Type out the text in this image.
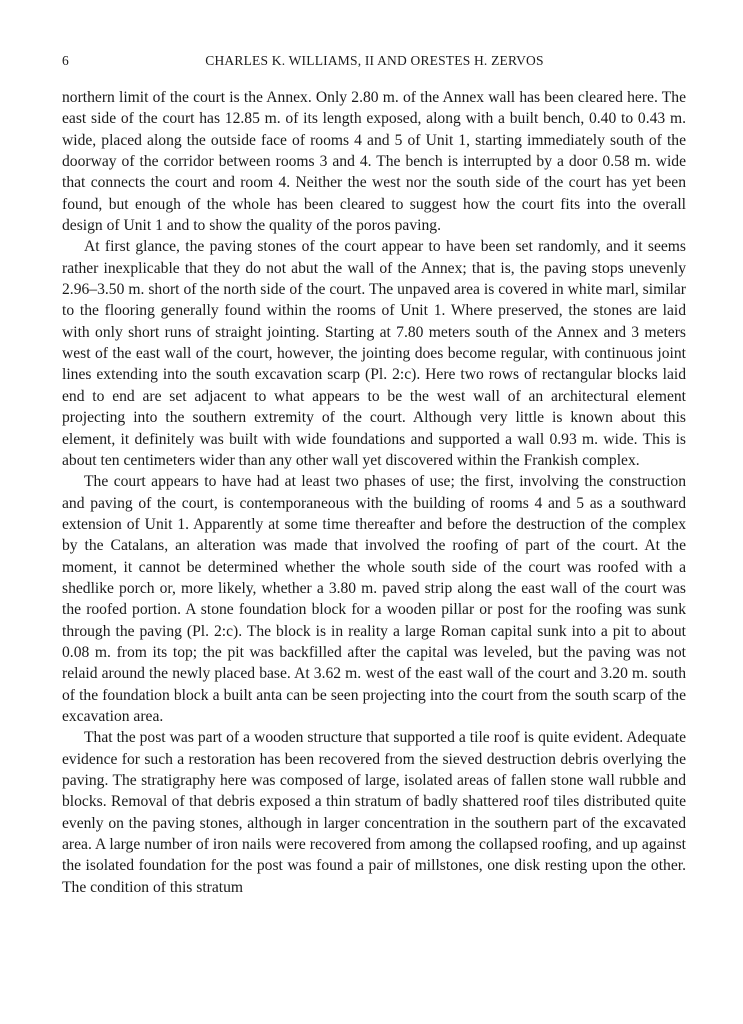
6	CHARLES K. WILLIAMS, II AND ORESTES H. ZERVOS

northern limit of the court is the Annex. Only 2.80 m. of the Annex wall has been cleared here. The east side of the court has 12.85 m. of its length exposed, along with a built bench, 0.40 to 0.43 m. wide, placed along the outside face of rooms 4 and 5 of Unit 1, starting immediately south of the doorway of the corridor between rooms 3 and 4. The bench is interrupted by a door 0.58 m. wide that connects the court and room 4. Neither the west nor the south side of the court has yet been found, but enough of the whole has been cleared to suggest how the court fits into the overall design of Unit 1 and to show the quality of the poros paving.

At first glance, the paving stones of the court appear to have been set randomly, and it seems rather inexplicable that they do not abut the wall of the Annex; that is, the paving stops unevenly 2.96–3.50 m. short of the north side of the court. The unpaved area is covered in white marl, similar to the flooring generally found within the rooms of Unit 1. Where preserved, the stones are laid with only short runs of straight jointing. Starting at 7.80 meters south of the Annex and 3 meters west of the east wall of the court, however, the jointing does become regular, with continuous joint lines extending into the south excavation scarp (Pl. 2:c). Here two rows of rectangular blocks laid end to end are set adjacent to what appears to be the west wall of an architectural element projecting into the southern extremity of the court. Although very little is known about this element, it definitely was built with wide foundations and supported a wall 0.93 m. wide. This is about ten centimeters wider than any other wall yet discovered within the Frankish complex.

The court appears to have had at least two phases of use; the first, involving the construction and paving of the court, is contemporaneous with the building of rooms 4 and 5 as a southward extension of Unit 1. Apparently at some time thereafter and before the destruction of the complex by the Catalans, an alteration was made that involved the roofing of part of the court. At the moment, it cannot be determined whether the whole south side of the court was roofed with a shedlike porch or, more likely, whether a 3.80 m. paved strip along the east wall of the court was the roofed portion. A stone foundation block for a wooden pillar or post for the roofing was sunk through the paving (Pl. 2:c). The block is in reality a large Roman capital sunk into a pit to about 0.08 m. from its top; the pit was backfilled after the capital was leveled, but the paving was not relaid around the newly placed base. At 3.62 m. west of the east wall of the court and 3.20 m. south of the foundation block a built anta can be seen projecting into the court from the south scarp of the excavation area.

That the post was part of a wooden structure that supported a tile roof is quite evident. Adequate evidence for such a restoration has been recovered from the sieved destruction debris overlying the paving. The stratigraphy here was composed of large, isolated areas of fallen stone wall rubble and blocks. Removal of that debris exposed a thin stratum of badly shattered roof tiles distributed quite evenly on the paving stones, although in larger concentration in the southern part of the excavated area. A large number of iron nails were recovered from among the collapsed roofing, and up against the isolated foundation for the post was found a pair of millstones, one disk resting upon the other. The condition of this stratum
